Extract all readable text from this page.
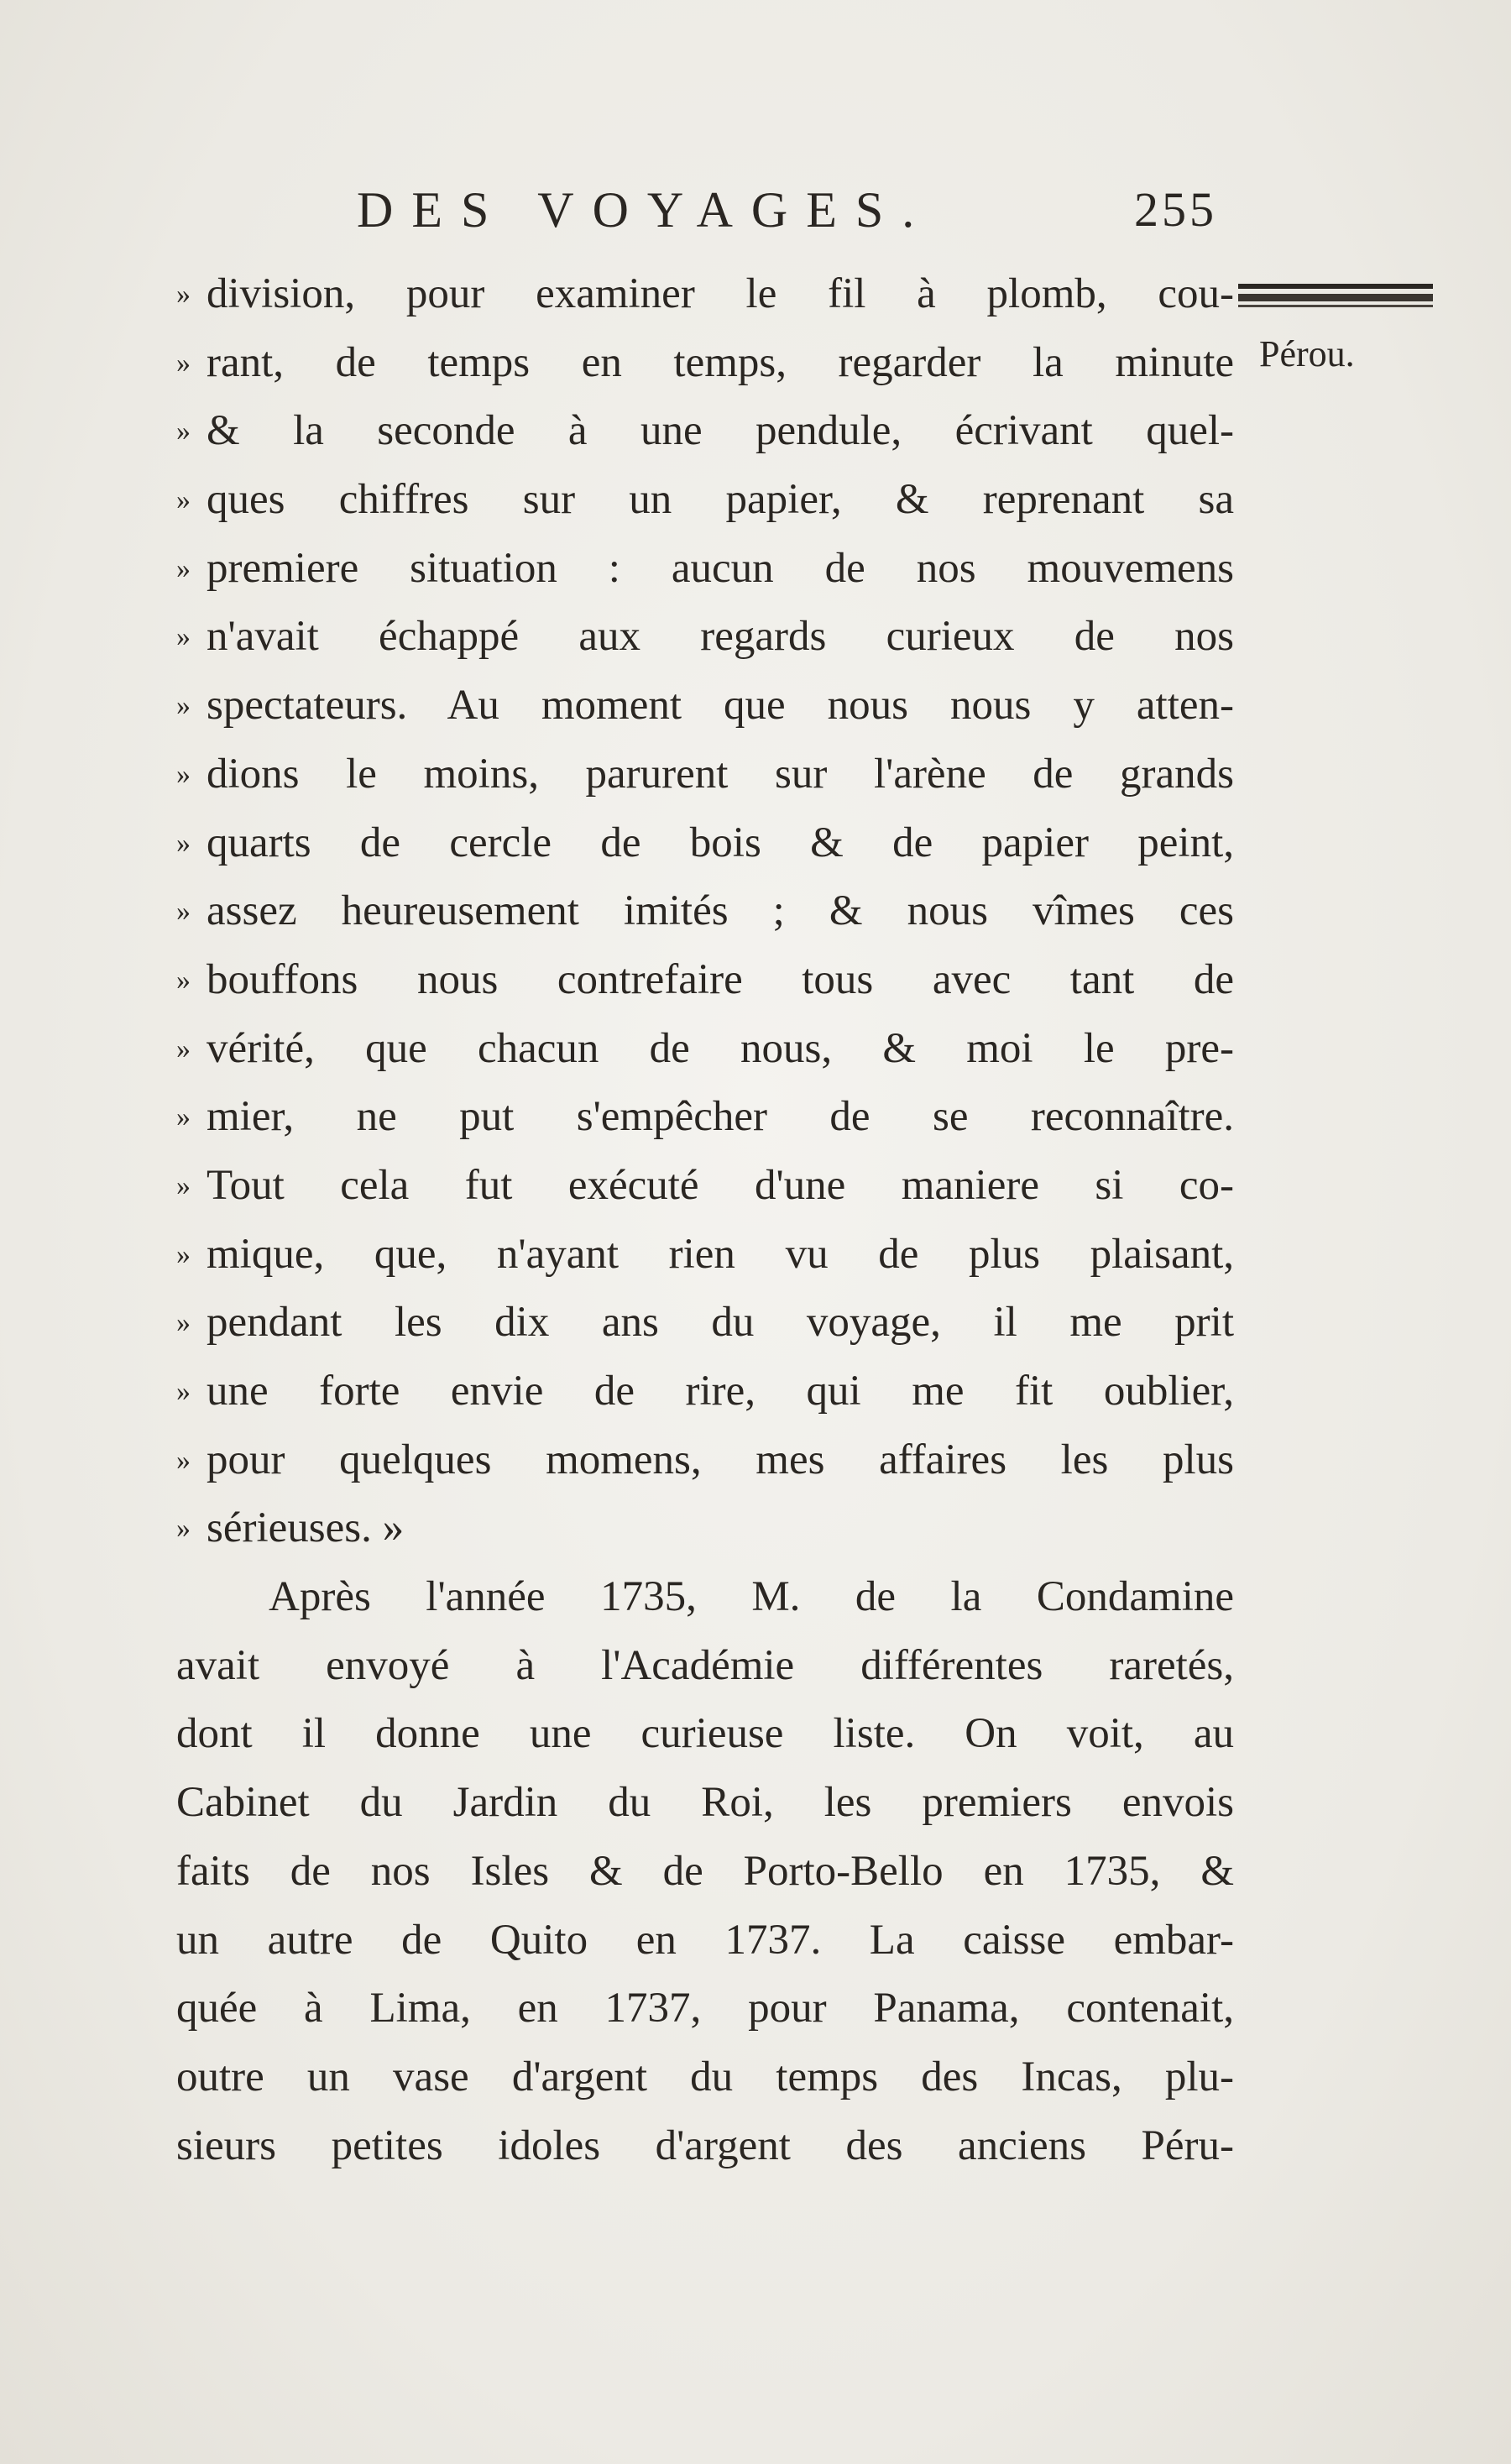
DES VOYAGES.	255
Pérou.
» division, pour examiner le fil à plomb, cou-
» rant, de temps en temps, regarder la minute
» & la seconde à une pendule, écrivant quel-
» ques chiffres sur un papier, & reprenant sa
» premiere situation : aucun de nos mouvemens
» n'avait échappé aux regards curieux de nos
» spectateurs. Au moment que nous nous y atten-
» dions le moins, parurent sur l'arène de grands
» quarts de cercle de bois & de papier peint,
» assez heureusement imités ; & nous vîmes ces
» bouffons nous contrefaire tous avec tant de
» vérité, que chacun de nous, & moi le pre-
» mier, ne put s'empêcher de se reconnaître.
» Tout cela fut exécuté d'une maniere si co-
» mique, que, n'ayant rien vu de plus plaisant,
» pendant les dix ans du voyage, il me prit
» une forte envie de rire, qui me fit oublier,
» pour quelques momens, mes affaires les plus
» sérieuses. »
Après l'année 1735, M. de la Condamine
avait envoyé à l'Académie différentes raretés,
dont il donne une curieuse liste. On voit, au
Cabinet du Jardin du Roi, les premiers envois
faits de nos Isles & de Porto-Bello en 1735, &
un autre de Quito en 1737. La caisse embar-
quée à Lima, en 1737, pour Panama, contenait,
outre un vase d'argent du temps des Incas, plu-
sieurs petites idoles d'argent des anciens Péru-
